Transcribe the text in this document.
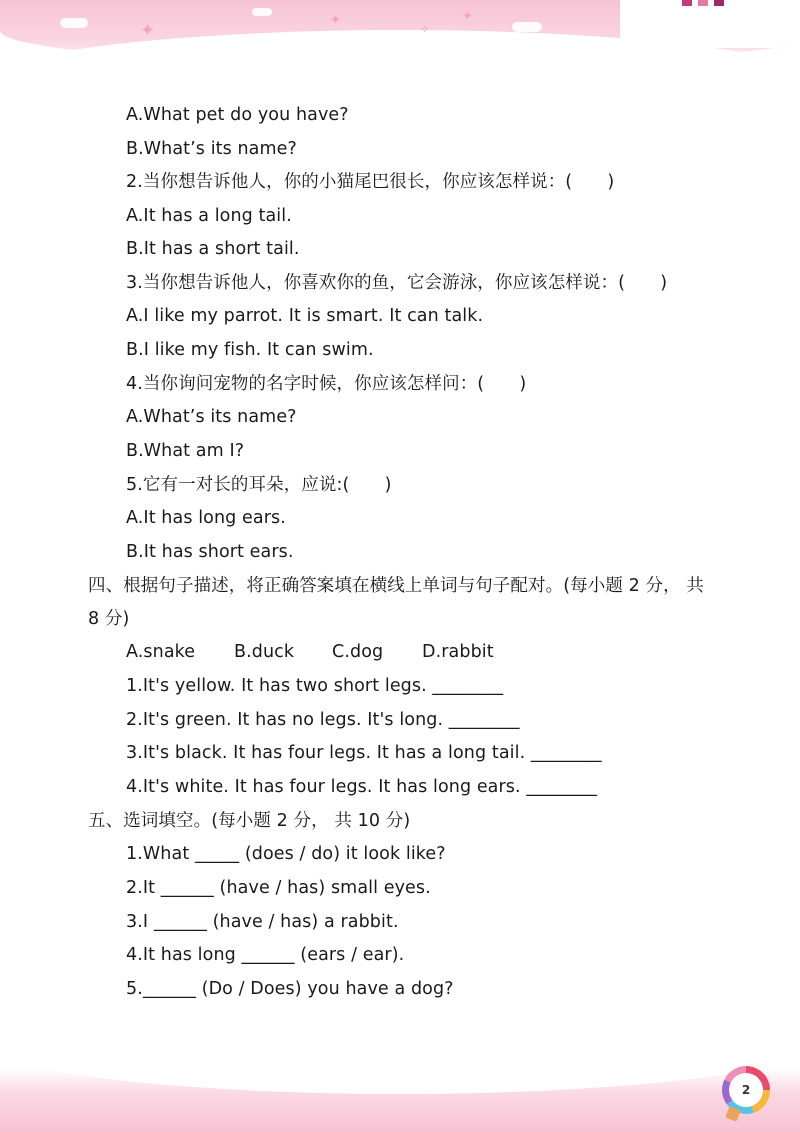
✦	✦	✦
✧
A.What pet do you have?
B.What’s its name?
2.当你想告诉他人，你的小猫尾巴很长，你应该怎样说：(　　)
A.It has a long tail.
B.It has a short tail.
3.当你想告诉他人，你喜欢你的鱼，它会游泳，你应该怎样说：(　　)
A.I like my parrot. It is smart. It can talk.
B.I like my fish. It can swim.
4.当你询问宠物的名字时候，你应该怎样问：(　　)
A.What’s its name?
B.What am I?
5.它有一对长的耳朵，应说:(　　)
A.It has long ears.
B.It has short ears.
四、根据句子描述，将正确答案填在横线上单词与句子配对。(每小题 2 分， 共
8 分)
A.snake B.duck C.dog D.rabbit
1.It's yellow. It has two short legs. ________
2.It's green. It has no legs. It's long. ________
3.It's black. It has four legs. It has a long tail. ________
4.It's white. It has four legs. It has long ears. ________
五、选词填空。(每小题 2 分， 共 10 分)
1.What _____ (does / do) it look like?
2.It ______ (have / has) small eyes.
3.I ______ (have / has) a rabbit.
4.It has long ______ (ears / ear).
5.______ (Do / Does) you have a dog?
2
